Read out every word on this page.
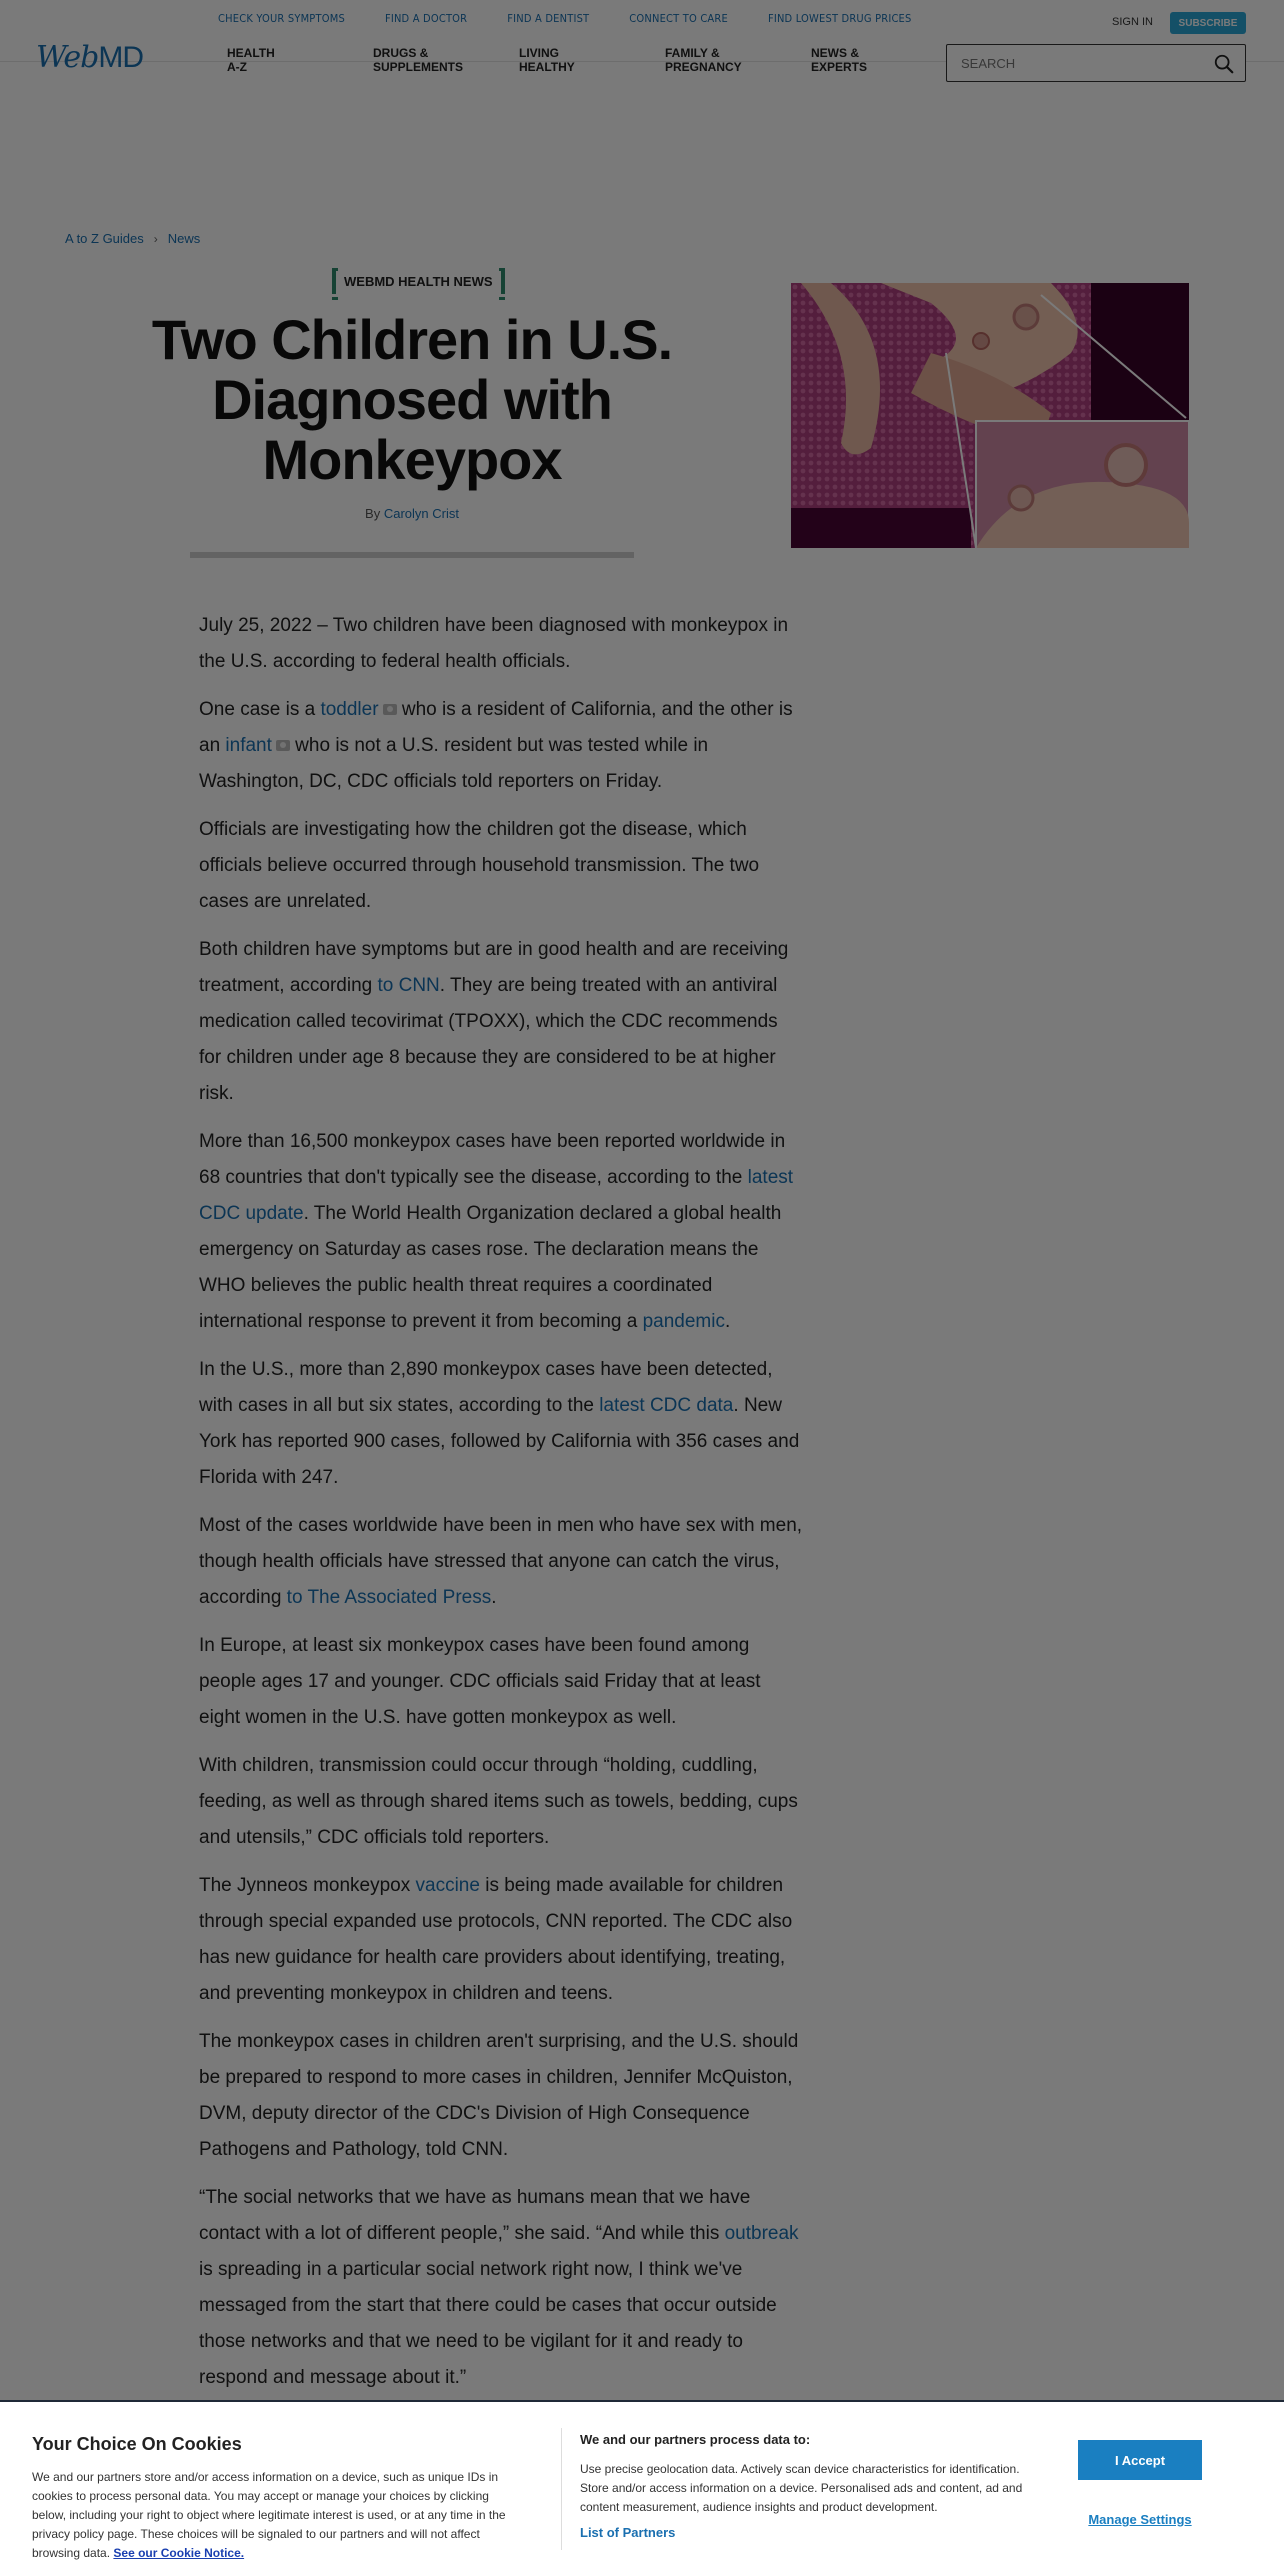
SEARCH

Your Choice On Cookies
We and our partners store and/or access information on a device, such as unique IDs in cookies to process personal data. You may accept or manage your choices by clicking below, including your right to object where legitimate interest is used, or at any time in the privacy policy page. These choices will be signaled to our partners and will not affect browsing data. See our Cookie Notice.
We and our partners process data to:
Use precise geolocation data. Actively scan device characteristics for identification. Store and/or access information on a device. Personalised ads and content, ad and content measurement, audience insights and product development.
List of Partners
I Accept
Manage Settings
